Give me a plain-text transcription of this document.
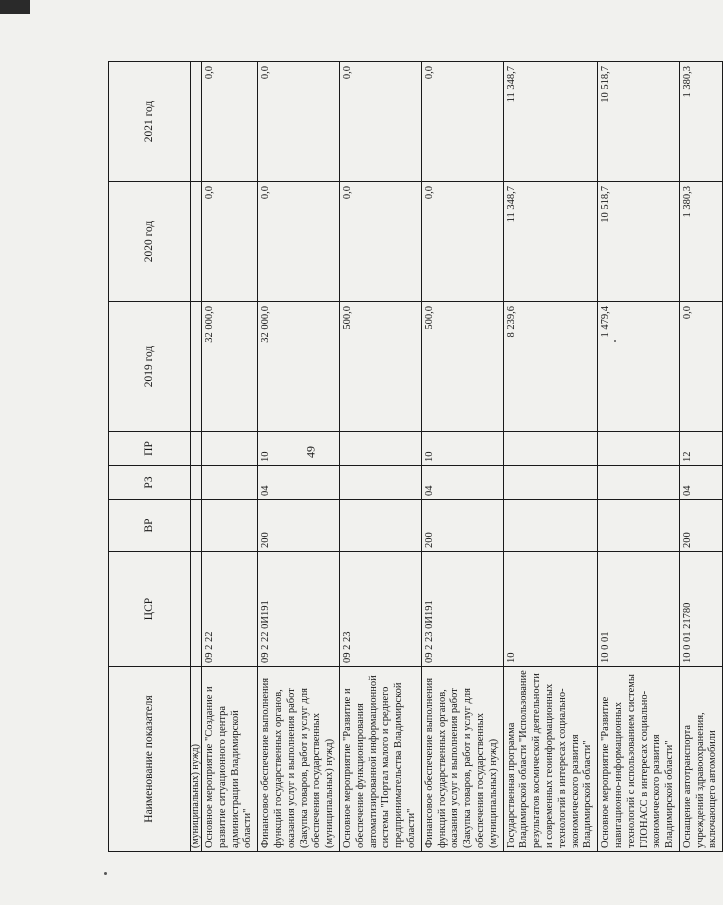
49
Наименование показателя	ЦСР	ВР	РЗ	ПР	2019 год	2020 год	2021 год
(муниципальных) нужд)							
Основное мероприятие "Создание и развитие ситуационного центра администрации Владимирской области"	09 2 22				32 000,0	0,0	0,0
Финансовое обеспечение выполнения функций государственных органов, оказания услуг и выполнения работ (Закупка товаров, работ и услуг для обеспечения государственных (муниципальных) нужд)	09 2 22 0И191	200	04	10	32 000,0	0,0	0,0
Основное мероприятие "Развитие и обеспечение функционирования автоматизированной информационной системы "Портал малого и среднего предпринимательства Владимирской области"	09 2 23				500,0	0,0	0,0
Финансовое обеспечение выполнения функций государственных органов, оказания услуг и выполнения работ (Закупка товаров, работ и услуг для обеспечения государственных (муниципальных) нужд)	09 2 23 0И191	200	04	10	500,0	0,0	0,0
Государственная программа Владимирской области "Использование результатов космической деятельности и современных геоинформационных технологий в интересах социально-экономического развития Владимирской области"	10				8 239,6	11 348,7	11 348,7
Основное мероприятие "Развитие навигационно-информационных технологий с использованием системы ГЛОНАСС в интересах социально-экономического развития Владимирской области"	10 0 01				1 479,4	10 518,7	10 518,7
Оснащение автотранспорта учреждений здравоохранения, включающего автомобили	10 0 01 21780	200	04	12	0,0	1 380,3	1 380,3
